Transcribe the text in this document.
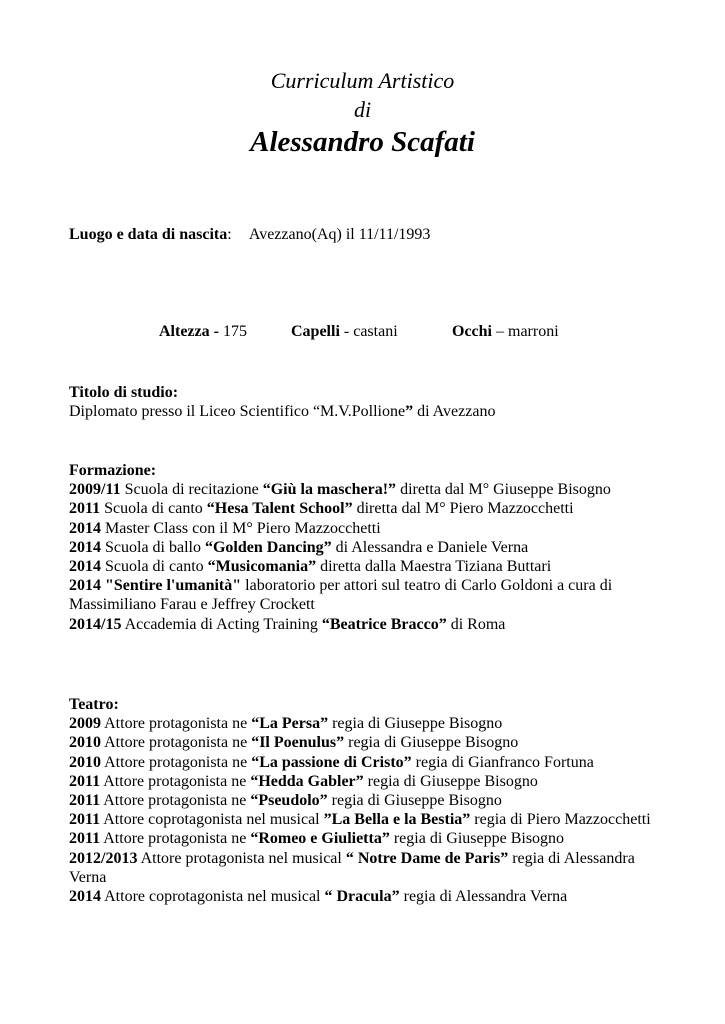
Curriculum Artistico
di
Alessandro Scafati
Luogo e data di nascita: Avezzano(Aq) il 11/11/1993
Altezza - 175	Capelli - castani	Occhi – marroni
Titolo di studio:
Diplomato presso il Liceo Scientifico “M.V.Pollione” di Avezzano
Formazione:
2009/11 Scuola di recitazione “Giù la maschera!” diretta dal M° Giuseppe Bisogno
2011 Scuola di canto “Hesa Talent School” diretta dal M° Piero Mazzocchetti
2014 Master Class con il M° Piero Mazzocchetti
2014 Scuola di ballo “Golden Dancing” di Alessandra e Daniele Verna
2014 Scuola di canto “Musicomania” diretta dalla Maestra Tiziana Buttari
2014 "Sentire l'umanità" laboratorio per attori sul teatro di Carlo Goldoni a cura di Massimiliano Farau e Jeffrey Crockett
2014/15 Accademia di Acting Training “Beatrice Bracco” di Roma
Teatro:
2009 Attore protagonista ne “La Persa” regia di Giuseppe Bisogno
2010 Attore protagonista ne “Il Poenulus” regia di Giuseppe Bisogno
2010 Attore protagonista ne “La passione di Cristo” regia di Gianfranco Fortuna
2011 Attore protagonista ne “Hedda Gabler” regia di Giuseppe Bisogno
2011 Attore protagonista ne “Pseudolo” regia di Giuseppe Bisogno
2011 Attore coprotagonista nel musical ”La Bella e la Bestia” regia di Piero Mazzocchetti
2011 Attore protagonista ne “Romeo e Giulietta” regia di Giuseppe Bisogno
2012/2013 Attore protagonista nel musical “ Notre Dame de Paris” regia di Alessandra Verna
2014 Attore coprotagonista nel musical “ Dracula” regia di Alessandra Verna
